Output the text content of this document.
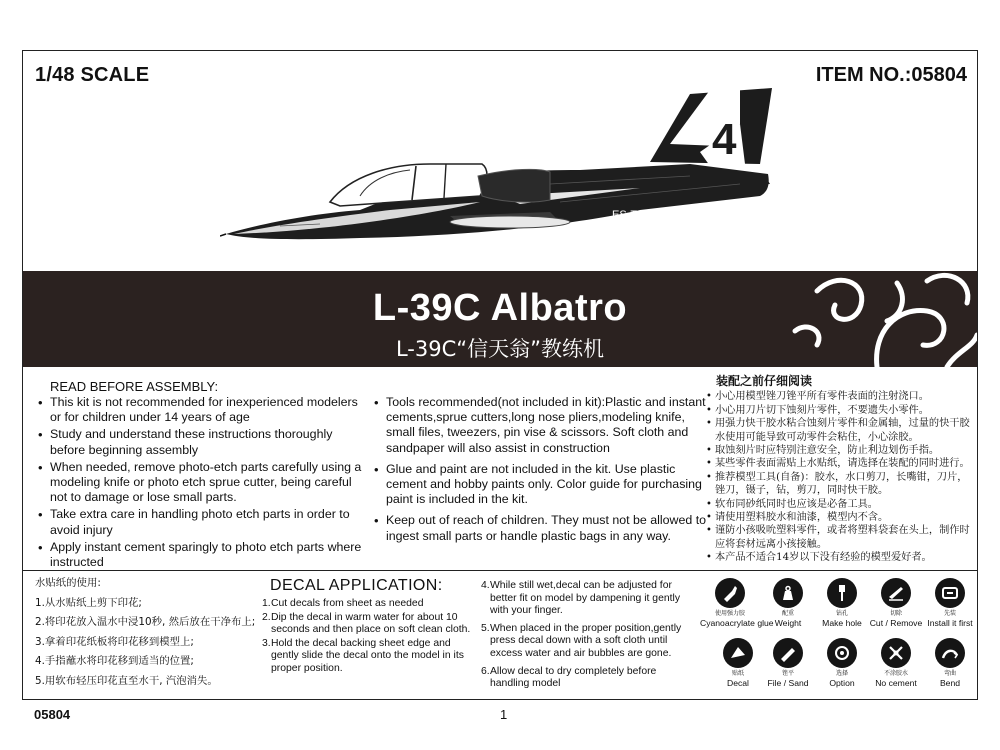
1/48 SCALE	ITEM NO.:05804
4
ES-TLG
L-39C Albatro
L-39C“信天翁”教练机
READ BEFORE ASSEMBLY:
• This kit is not recommended for inexperienced modelers or for children under 14 years of age
• Study and understand these instructions thoroughly before beginning assembly
• When needed, remove photo-etch parts carefully using a modeling knife or photo etch sprue cutter, being careful not to damage or lose small parts.
• Take extra care in handling photo etch parts in order to avoid injury
• Apply instant cement sparingly to photo etch parts where instructed
• Tools recommended(not included in kit):Plastic and instant cements,sprue cutters,long nose pliers,modeling knife, small files, tweezers, pin vise & scissors. Soft cloth and sandpaper will also assist in construction
• Glue and paint are not included in the kit. Use plastic cement and hobby paints only. Color guide for purchasing paint is included in the kit.
• Keep out of reach of children. They must not be allowed to ingest small parts or handle plastic bags in any way.
装配之前仔细阅读
• 小心用模型锉刀锉平所有零件表面的注射浇口。
• 小心用刀片切下蚀刻片零件，不要遗失小零件。
• 用强力快干胶水粘合蚀刻片零件和金属轴，过量的快干胶水使用可能导致可动零件会粘住，小心涂胶。
• 取蚀刻片时应特别注意安全，防止利边划伤手指。
• 某些零件表面需贴上水贴纸，请选择在装配的同时进行。
• 推荐模型工具(自备)：胶水，水口剪刀，长嘴钳，刀片，锉刀，镊子，钻，剪刀，同时快干胶。
• 软布同砂纸同时也应该是必备工具。
• 请使用塑料胶水和油漆，模型内不含。
• 谨防小孩吸吮塑料零件，或者将塑料袋套在头上，制作时应将套材远离小孩接触。
• 本产品不适合14岁以下没有经验的模型爱好者。
水贴纸的使用:
1.从水贴纸上剪下印花;
2.将印花放入温水中浸10秒, 然后放在干净布上;
3.拿着印花纸板将印花移到模型上;
4.手指蘸水将印花移到适当的位置;
5.用软布轻压印花直至水干, 汽泡消失。
DECAL APPLICATION:
1. Cut decals from sheet as needed
2. Dip the decal in warm water for about 10 seconds and then place on soft clean cloth.
3. Hold the decal backing sheet edge and gently slide the decal onto the model in its proper position.
4. While still wet,decal can be adjusted for better fit on model by dampening it gently with your finger.
5. When placed in the proper position,gently press decal down with a soft cloth until excess water and air bubbles are gone.
6. Allow decal to dry completely before handling model
使用强力胶
Cyanoacrylate glue
配重
Weight
钻孔
Make hole
切除
Cut / Remove
先装
Install it first
贴纸
Decal
锉平
File / Sand
选择
Option
不涂胶水
No cement
弯曲
Bend
05804	1
